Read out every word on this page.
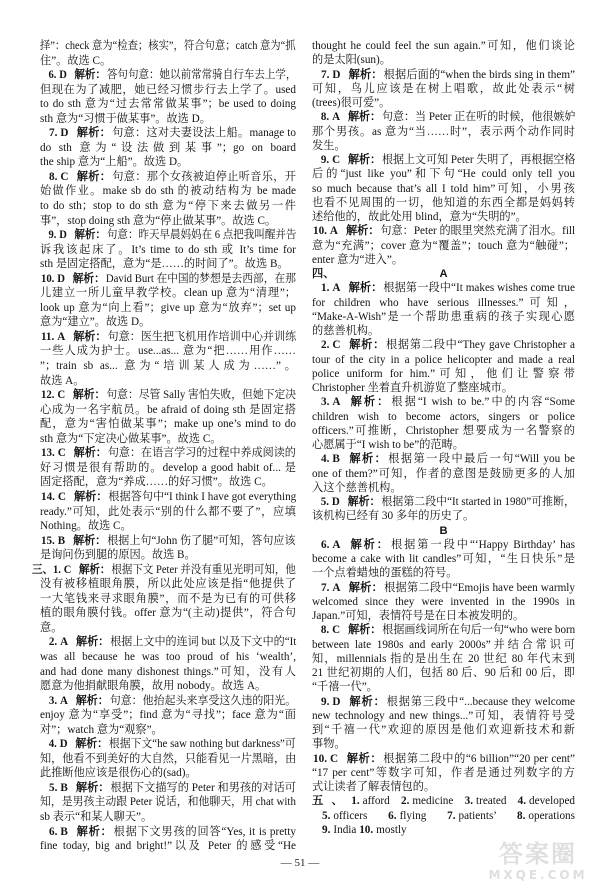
择”：check 意为“检查；核实”，符合句意；catch 意为“抓
住”。故选 C。
6. D 解析：答句句意：她以前常常骑自行车去上学，
但现在为了减肥，她已经习惯步行去上学了。used
to do sth 意为“过去常常做某事”；be used to doing
sth 意为“习惯于做某事”。故选 D。
7. D 解析：句意：这对夫妻设法上船。manage to
do sth 意为“设法做到某事”；go on board
the ship 意为“上船”。故选 D。
8. C 解析：句意：那个女孩被迫停止听音乐，开
始做作业。make sb do sth 的被动结构为 be made
to do sth；stop to do sth 意为“停下来去做另一件
事”，stop doing sth 意为“停止做某事”。故选 C。
9. D 解析：句意：昨天早晨妈妈在 6 点把我叫醒并告
诉我该起床了。It’s time to do sth 或 It’s time for
sth 是固定搭配，意为“是……的时间了”。故选 B。
10. D 解析：David Burt 在中国的梦想是去西部，在那
儿建立一所儿童早教学校。clean up 意为“清理”；
look up 意为“向上看”；give up 意为“放弃”；set up
意为“建立”。故选 D。
11. A 解析：句意：医生把飞机用作培训中心并训练
一些人成为护士。use...as... 意为“把……用作……
”；train sb as... 意为“培训某人成为……”。
故选 A。
12. C 解析：句意：尽管 Sally 害怕失败，但她下定决
心成为一名宇航员。be afraid of doing sth 是固定搭
配，意为“害怕做某事”；make up one’s mind to do
sth 意为“下定决心做某事”。故选 C。
13. C 解析：句意：在语言学习的过程中养成阅读的
好习惯是很有帮助的。develop a good habit of... 是
固定搭配，意为“养成……的好习惯”。故选 C。
14. C 解析：根据答句中“I think I have got everything
ready.”可知，此处表示“别的什么都不要了”，应填
Nothing。故选 C。
15. B 解析：根据上句“John 伤了腿”可知，答句应该
是询问伤到腿的原因。故选 B。
三、1. C 解析：根据下文 Peter 并没有重见光明可知，他
没有被移植眼角膜，所以此处应该是指“他提供了
一大笔钱来寻求眼角膜”，而不是为已有的可供移
植的眼角膜付钱。offer 意为“(主动)提供”，符合句
意。
2. A 解析：根据上文中的连词 but 以及下文中的“It
was all because he was too proud of his ‘wealth’,
and had done many dishonest things.”可知，没有人
愿意为他捐献眼角膜，故用 nobody。故选 A。
3. A 解析：句意：他抬起头来享受这久违的阳光。
enjoy 意为“享受”；find 意为“寻找”；face 意为“面
对”；watch 意为“观察”。
4. D 解析：根据下文“he saw nothing but darkness”可
知，他看不到美好的大自然，只能看见一片黑暗，由
此推断他应该是很伤心的(sad)。
5. B 解析：根据下文描写的 Peter 和男孩的对话可
知，是男孩主动跟 Peter 说话，和他聊天，用 chat with
sb 表示“和某人聊天”。
6. B 解析：根据下文男孩的回答“Yes, it is pretty
fine today, big and bright!”以及 Peter 的感受“He
thought he could feel the sun again.”可知，他们谈论
的是太阳(sun)。
7. D 解析：根据后面的“when the birds sing in them”
可知，鸟儿应该是在树上唱歌，故此处表示“树
(trees)很可爱”。
8. A 解析：句意：当 Peter 正在听的时候，他很嫉妒
那个男孩。as 意为“当……时”，表示两个动作同时
发生。
9. C 解析：根据上文可知 Peter 失明了，再根据空格
后的“just like you”和下句“He could only tell you
so much because that’s all I told him”可知，小男孩
也看不见周围的一切，他知道的东西全都是妈妈转
述给他的，故此处用 blind，意为“失明的”。
10. A 解析：句意：Peter 的眼里突然充满了泪水。fill
意为“充满”；cover 意为“覆盖”；touch 意为“触碰”；
enter 意为“进入”。
四、	A
1. A 解析：根据第一段中“It makes wishes come true
for children who have serious illnesses.”可知，
“Make-A-Wish”是一个帮助患重病的孩子实现心愿
的慈善机构。
2. C 解析：根据第二段中“They gave Christopher a
tour of the city in a police helicopter and made a real
police uniform for him.”可知，他们让警察带
Christopher 坐着直升机游览了整座城市。
3. A 解析：根据“I wish to be.”中的内容“Some
children wish to become actors, singers or police
officers.”可推断，Christopher 想要成为一名警察的
心愿属于“I wish to be”的范畴。
4. B 解析：根据第一段中最后一句“Will you be
one of them?”可知，作者的意图是鼓励更多的人加
入这个慈善机构。
5. D 解析：根据第二段中“It started in 1980”可推断，
该机构已经有 30 多年的历史了。
B
6. A 解析：根据第一段中“‘Happy Birthday’ has
become a cake with lit candles”可知，“生日快乐”是
一个点着蜡烛的蛋糕的符号。
7. A 解析：根据第二段中“Emojis have been warmly
welcomed since they were invented in the 1990s in
Japan.”可知，表情符号是在日本被发明的。
8. C 解析：根据画线词所在句后一句“who were born
between late 1980s and early 2000s”并结合常识可
知，millennials 指的是出生在 20 世纪 80 年代末到
21 世纪初期的人们，包括 80 后、90 后和 00 后，即
“千禧一代”。
9. D 解析：根据第三段中“...because they welcome
new technology and new things...”可知，表情符号受
到“千禧一代”欢迎的原因是他们欢迎新技术和新
事物。
10. C 解析：根据第二段中的“6 billion”“20 per cent”
“17 per cent”等数字可知，作者是通过列数字的方
式让读者了解表情包的。
五、1. afford 2. medicine 3. treated 4. developed
5. officers 6. flying 7. patients’ 8. operations
9. India 10. mostly
— 51 —	答案圈
MXQE.COM
